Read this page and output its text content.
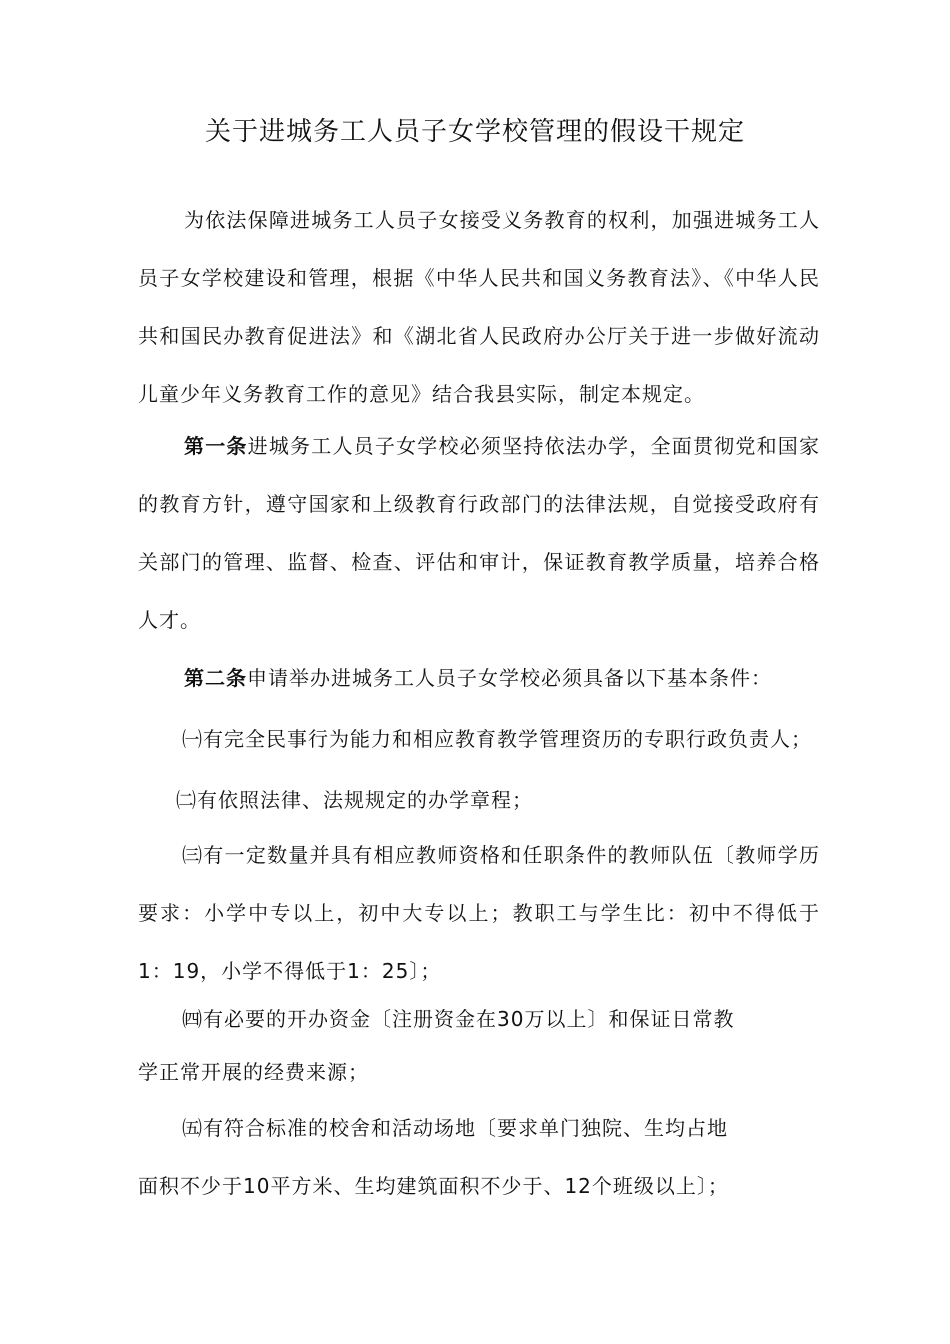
关于进城务工人员子女学校管理的假设干规定

为依法保障进城务工人员子女接受义务教育的权利，加强进城务工人员子女学校建设和管理，根据《中华人民共和国义务教育法》、《中华人民共和国民办教育促进法》和《湖北省人民政府办公厅关于进一步做好流动儿童少年义务教育工作的意见》结合我县实际，制定本规定。

第一条进城务工人员子女学校必须坚持依法办学，全面贯彻党和国家的教育方针，遵守国家和上级教育行政部门的法律法规，自觉接受政府有关部门的管理、监督、检查、评估和审计，保证教育教学质量，培养合格人才。

第二条申请举办进城务工人员子女学校必须具备以下基本条件：

㈠有完全民事行为能力和相应教育教学管理资历的专职行政负责人；

㈡有依照法律、法规规定的办学章程；

㈢有一定数量并具有相应教师资格和任职条件的教师队伍〔教师学历要求：小学中专以上，初中大专以上；教职工与学生比：初中不得低于1：19，小学不得低于1：25〕；

㈣有必要的开办资金〔注册资金在30万以上〕和保证日常教

学正常开展的经费来源；

㈤有符合标准的校舍和活动场地〔要求单门独院、生均占地

面积不少于10平方米、生均建筑面积不少于、12个班级以上〕；
